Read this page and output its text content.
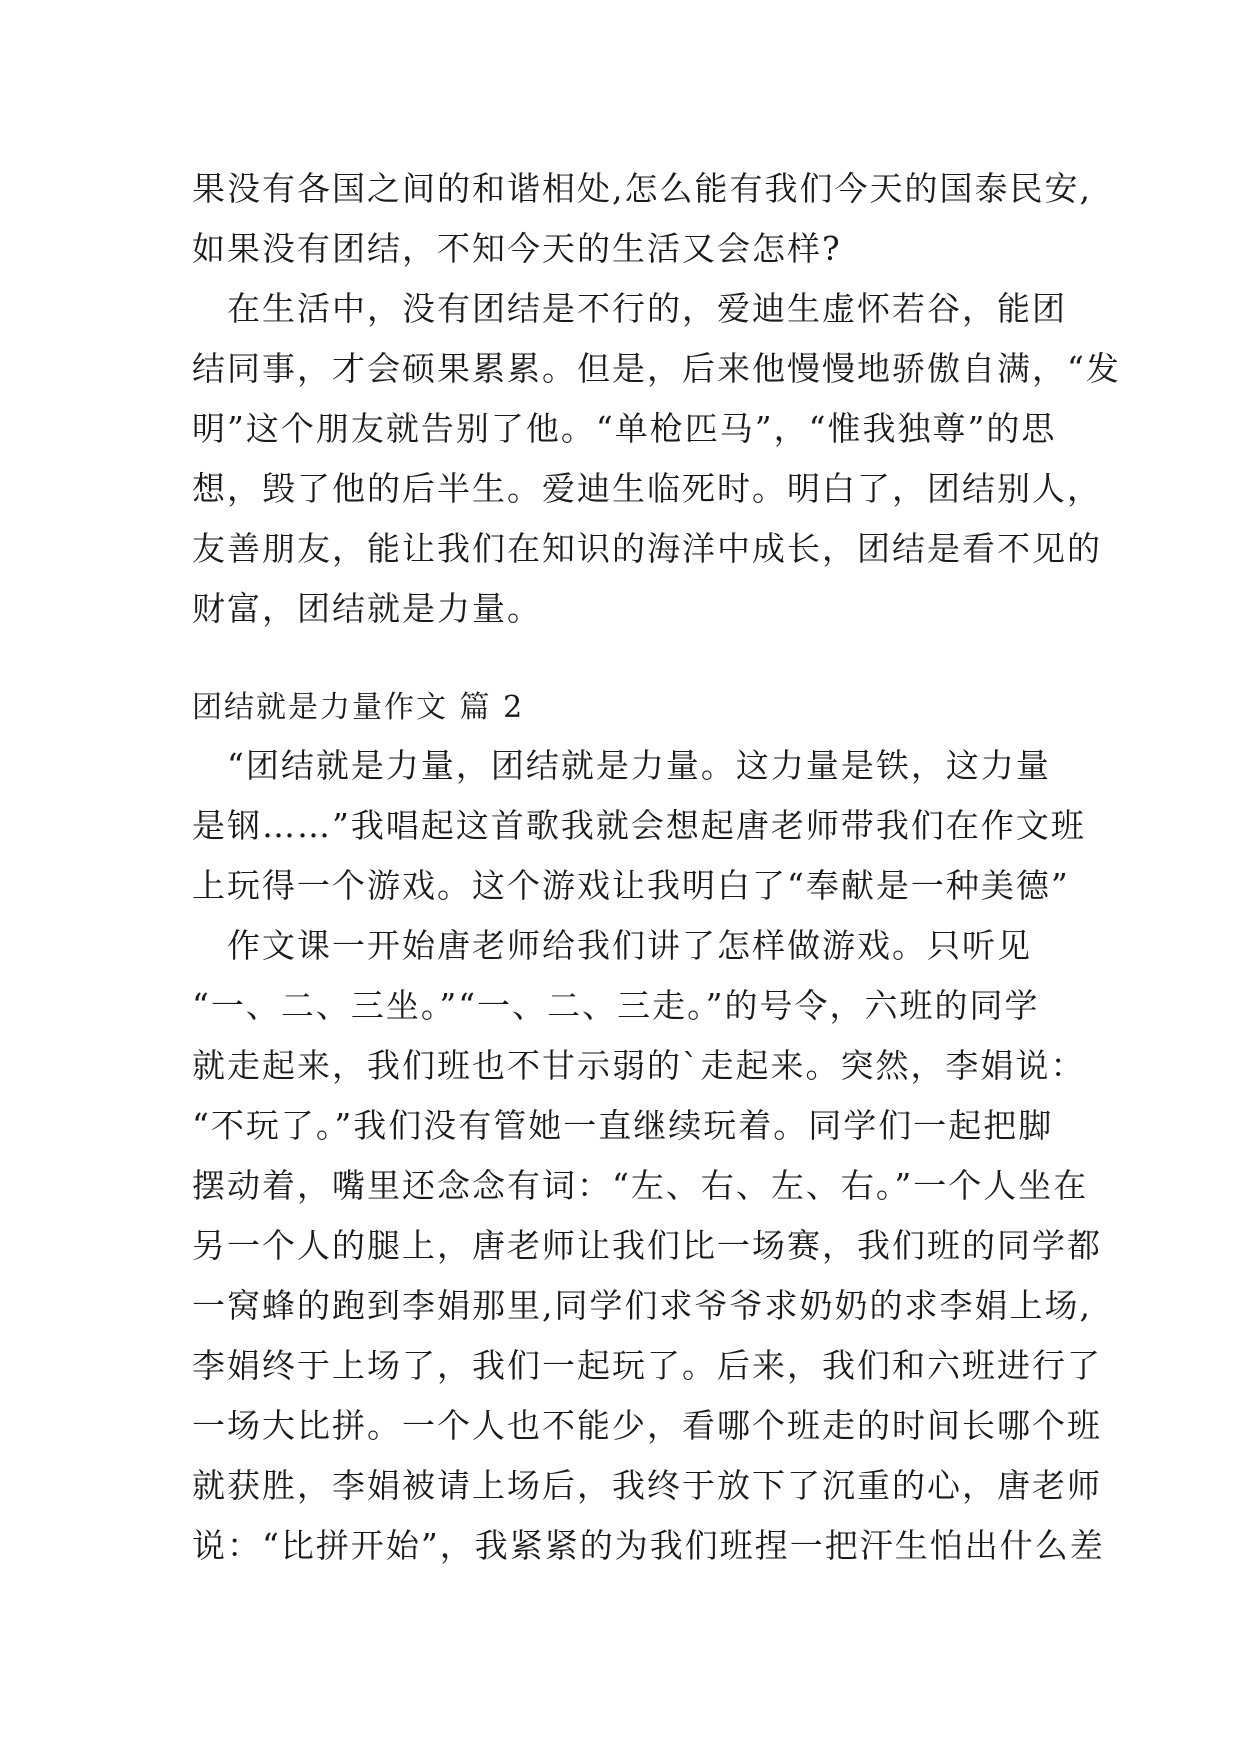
果没有各国之间的和谐相处,怎么能有我们今天的国泰民安,
如果没有团结，不知今天的生活又会怎样?
　在生活中，没有团结是不行的，爱迪生虚怀若谷，能团
结同事，才会硕果累累。但是，后来他慢慢地骄傲自满，“发
明”这个朋友就告别了他。“单枪匹马”，“惟我独尊”的思
想，毁了他的后半生。爱迪生临死时。明白了，团结别人，
友善朋友，能让我们在知识的海洋中成长，团结是看不见的
财富，团结就是力量。
团结就是力量作文 篇 2
　“团结就是力量，团结就是力量。这力量是铁，这力量
是钢……”我唱起这首歌我就会想起唐老师带我们在作文班
上玩得一个游戏。这个游戏让我明白了“奉献是一种美德”
　作文课一开始唐老师给我们讲了怎样做游戏。只听见
“一、二、三坐。”“一、二、三走。”的号令，六班的同学
就走起来，我们班也不甘示弱的`走起来。突然，李娟说：
“不玩了。”我们没有管她一直继续玩着。同学们一起把脚
摆动着，嘴里还念念有词：“左、右、左、右。”一个人坐在
另一个人的腿上，唐老师让我们比一场赛，我们班的同学都
一窝蜂的跑到李娟那里,同学们求爷爷求奶奶的求李娟上场,
李娟终于上场了，我们一起玩了。后来，我们和六班进行了
一场大比拼。一个人也不能少，看哪个班走的时间长哪个班
就获胜，李娟被请上场后，我终于放下了沉重的心，唐老师
说：“比拼开始”，我紧紧的为我们班捏一把汗生怕出什么差
